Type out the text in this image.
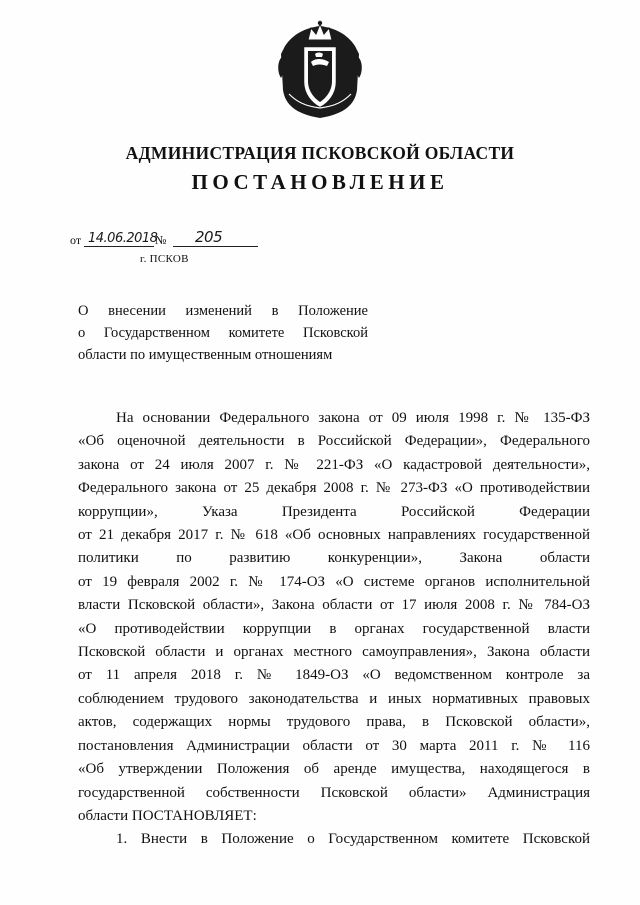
АДМИНИСТРАЦИЯ ПСКОВСКОЙ ОБЛАСТИ
ПОСТАНОВЛЕНИЕ
от 14.06.2018
№ 205
г. ПСКОВ
О внесении изменений в Положение
о Государственном комитете Псковской
области по имущественным отношениям
На основании Федерального закона от 09 июля 1998 г. № 135-ФЗ
«Об оценочной деятельности в Российской Федерации», Федерального
закона от 24 июля 2007 г. № 221-ФЗ «О кадастровой деятельности»,
Федерального закона от 25 декабря 2008 г. № 273-ФЗ «О противодействии
коррупции», Указа Президента Российской Федерации
от 21 декабря 2017 г. № 618 «Об основных направлениях государственной
политики по развитию конкуренции», Закона области
от 19 февраля 2002 г. № 174-ОЗ «О системе органов исполнительной
власти Псковской области», Закона области от 17 июля 2008 г. № 784-ОЗ
«О противодействии коррупции в органах государственной власти
Псковской области и органах местного самоуправления», Закона области
от 11 апреля 2018 г. № 1849-ОЗ «О ведомственном контроле за
соблюдением трудового законодательства и иных нормативных правовых
актов, содержащих нормы трудового права, в Псковской области»,
постановления Администрации области от 30 марта 2011 г. № 116
«Об утверждении Положения об аренде имущества, находящегося в
государственной собственности Псковской области» Администрация
области ПОСТАНОВЛЯЕТ:
1. Внести в Положение о Государственном комитете Псковской
